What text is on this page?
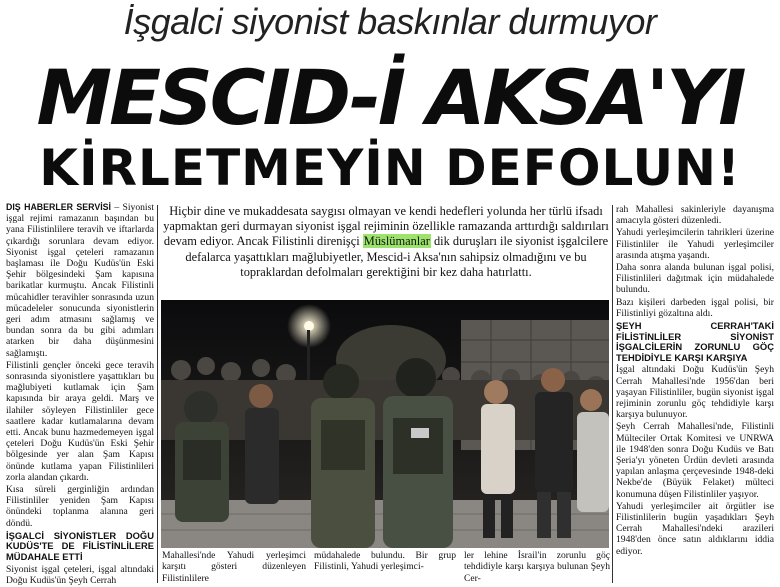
İşgalci siyonist baskınlar durmuyor
MESCID-İ AKSA'YI
KİRLETMEYİN DEFOLUN!

DIŞ HABERLER SERVİSİ – Siyonist işgal rejimi ramazanın başından bu yana Filistinlilere teravih ve iftarlarda çıkardığı sorunlara devam ediyor. Siyonist işgal çeteleri ramazanın başlaması ile Doğu Kudüs'ün Eski Şehir bölgesindeki Şam kapısına barikatlar kurmuştu. Ancak Filistinli mücahidler teravihler sonrasında uzun mücadeleler sonucunda siyonistlerin geri adım atmasını sağlamış ve bundan sonra da bu gibi adımları atarken bir daha düşünmesini sağlamıştı.

Filistinli gençler önceki gece teravih sonrasında siyonistlere yaşattıkları bu mağlubiyeti kutlamak için Şam kapısında bir araya geldi. Marş ve ilahiler söyleyen Filistinliler gece saatlere kadar kutlamalarına devam etti. Ancak bunu hazmedemeyen işgal çeteleri Doğu Kudüs'ün Eski Şehir bölgesinde yer alan Şam Kapısı önünde kutlama yapan Filistinlileri zorla alandan çıkardı.

Kısa süreli gerginliğin ardından Filistinliler yeniden Şam Kapısı önündeki toplanma alanına geri döndü.

İŞGALCİ SİYONİSTLER DOĞU KUDÜS'TE DE FİLİSTİNLİLERE MÜDAHALE ETTİ

Siyonist işgal çeteleri, işgal altındaki Doğu Kudüs'ün Şeyh Cerrah

Hiçbir dine ve mukaddesata saygısı olmayan ve kendi hedefleri yolunda her türlü ifsadı yapmaktan geri durmayan siyonist işgal rejiminin özellikle ramazanda arttırdığı saldırıları devam ediyor. Ancak Filistinli direnişçi Müslümanlar dik duruşları ile siyonist işgalcilere defalarca yaşattıkları mağlubiyetler, Mescid-i Aksa'nın sahipsiz olmadığını ve bu topraklardan defolmaları gerektiğini bir kez daha hatırlattı.
Mahallesi'nde Yahudi yerleşimci karşıtı gösteri düzenleyen Filistinlilere
müdahalede bulundu. Bir grup Filistinli, Yahudi yerleşimci-
ler lehine İsrail'in zorunlu göç tehdidiyle karşı karşıya bulunan Şeyh Cer-

rah Mahallesi sakinleriyle dayanışma amacıyla gösteri düzenledi.

Yahudi yerleşimcilerin tahrikleri üzerine Filistinliler ile Yahudi yerleşimciler arasında atışma yaşandı.

Daha sonra alanda bulunan işgal polisi, Filistinlileri dağıtmak için müdahalede bulundu.

Bazı kişileri darbeden işgal polisi, bir Filistinliyi gözaltına aldı.

ŞEYH CERRAH'TAKİ FİLİSTİNLİLER SİYONİST İŞGALCİLERİN ZORUNLU GÖÇ TEHDİDİYLE KARŞI KARŞIYA

İşgal altındaki Doğu Kudüs'ün Şeyh Cerrah Mahallesi'nde 1956'dan beri yaşayan Filistinliler, bugün siyonist işgal rejiminin zorunlu göç tehdidiyle karşı karşıya bulunuyor.

Şeyh Cerrah Mahallesi'nde, Filistinli Mülteciler Ortak Komitesi ve UNRWA ile 1948'den sonra Doğu Kudüs ve Batı Şeria'yı yöneten Ürdün devleti arasında yapılan anlaşma çerçevesinde 1948-deki Nekbe'de (Büyük Felaket) mülteci konumuna düşen Filistinliler yaşıyor.

Yahudi yerleşimciler ait örgütler ise Filistinlilerin bugün yaşadıkları Şeyh Cerrah Mahallesi'ndeki arazileri 1948'den önce satın aldıklarını iddia ediyor.
